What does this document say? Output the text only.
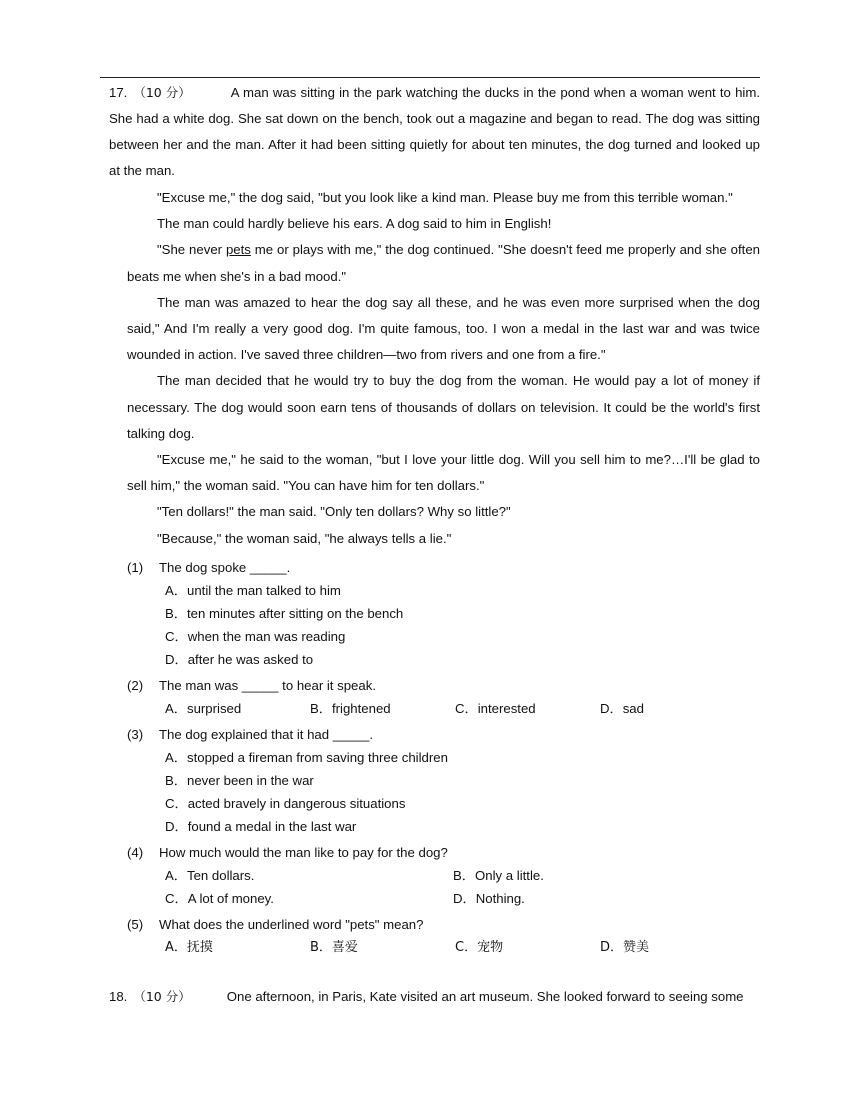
17. （10 分）	A man was sitting in the park watching the ducks in the pond when a woman went to him. She had a white dog. She sat down on the bench, took out a magazine and began to read. The dog was sitting between her and the man. After it had been sitting quietly for about ten minutes, the dog turned and looked up at the man.

"Excuse me," the dog said, "but you look like a kind man. Please buy me from this terrible woman."

The man could hardly believe his ears. A dog said to him in English!

"She never pets me or plays with me," the dog continued. "She doesn't feed me properly and she often beats me when she's in a bad mood."

The man was amazed to hear the dog say all these, and he was even more surprised when the dog said," And I'm really a very good dog. I'm quite famous, too. I won a medal in the last war and was twice wounded in action. I've saved three children—two from rivers and one from a fire."

The man decided that he would try to buy the dog from the woman. He would pay a lot of money if necessary. The dog would soon earn tens of thousands of dollars on television. It could be the world's first talking dog.

"Excuse me," he said to the woman, "but I love your little dog. Will you sell him to me?…I'll be glad to sell him," the woman said. "You can have him for ten dollars."

"Ten dollars!" the man said. "Only ten dollars? Why so little?"

"Because," the woman said, "he always tells a lie."

(1)	The dog spoke _____.
A．until the man talked to him
B．ten minutes after sitting on the bench
C．when the man was reading
D．after he was asked to
(2)	The man was _____ to hear it speak.
A．surprised	B．frightened	C．interested	D．sad
(3)	The dog explained that it had _____.
A．stopped a fireman from saving three children
B．never been in the war
C．acted bravely in dangerous situations
D．found a medal in the last war
(4)	How much would the man like to pay for the dog?
A．Ten dollars.	B．Only a little.
C．A lot of money.	D．Nothing.
(5)	What does the underlined word "pets" mean?
A．抚摸	B．喜爱	C．宠物	D．赞美
18. （10 分）	One afternoon, in Paris, Kate visited an art museum. She looked forward to seeing some
